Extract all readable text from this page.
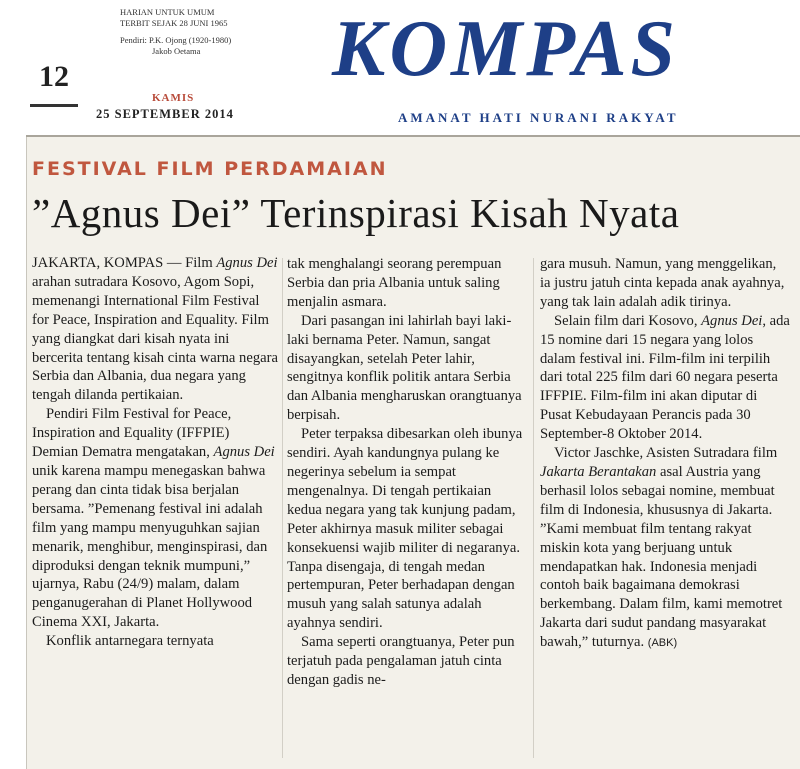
12
HARIAN UNTUK UMUM
TERBIT SEJAK 28 JUNI 1965
Pendiri: P.K. Ojong (1920-1980)
Jakob Oetama
KAMIS
25 SEPTEMBER 2014
KOMPAS
AMANAT HATI NURANI RAKYAT
FESTIVAL FILM PERDAMAIAN
”Agnus Dei” Terinspirasi Kisah Nyata

JAKARTA, KOMPAS — Film Agnus Dei arahan sutradara Kosovo, Agom Sopi, memenangi International Film Festival for Peace, Inspiration and Equality. Film yang diangkat dari kisah nyata ini bercerita tentang kisah cinta warna negara Serbia dan Albania, dua negara yang tengah dilanda pertikaian.

Pendiri Film Festival for Peace, Inspiration and Equality (IFFPIE) Demian Dematra mengatakan, Agnus Dei unik karena mampu menegaskan bahwa perang dan cinta tidak bisa berjalan bersama. ”Pemenang festival ini adalah film yang mampu menyuguhkan sajian menarik, menghibur, menginspirasi, dan diproduksi dengan teknik mumpuni,” ujarnya, Rabu (24/9) malam, dalam penganugerahan di Planet Hollywood Cinema XXI, Jakarta.

Konflik antarnegara ternyata

tak menghalangi seorang perempuan Serbia dan pria Albania untuk saling menjalin asmara.

Dari pasangan ini lahirlah bayi laki-laki bernama Peter. Namun, sangat disayangkan, setelah Peter lahir, sengitnya konflik politik antara Serbia dan Albania mengharuskan orangtuanya berpisah.

Peter terpaksa dibesarkan oleh ibunya sendiri. Ayah kandungnya pulang ke negerinya sebelum ia sempat mengenalnya. Di tengah pertikaian kedua negara yang tak kunjung padam, Peter akhirnya masuk militer sebagai konsekuensi wajib militer di negaranya. Tanpa disengaja, di tengah medan pertempuran, Peter berhadapan dengan musuh yang salah satunya adalah ayahnya sendiri.

Sama seperti orangtuanya, Peter pun terjatuh pada pengalaman jatuh cinta dengan gadis ne-

gara musuh. Namun, yang menggelikan, ia justru jatuh cinta kepada anak ayahnya, yang tak lain adalah adik tirinya.

Selain film dari Kosovo, Agnus Dei, ada 15 nomine dari 15 negara yang lolos dalam festival ini. Film-film ini terpilih dari total 225 film dari 60 negara peserta IFFPIE. Film-film ini akan diputar di Pusat Kebudayaan Perancis pada 30 September-8 Oktober 2014.

Victor Jaschke, Asisten Sutradara film Jakarta Berantakan asal Austria yang berhasil lolos sebagai nomine, membuat film di Indonesia, khususnya di Jakarta. ”Kami membuat film tentang rakyat miskin kota yang berjuang untuk mendapatkan hak. Indonesia menjadi contoh baik bagaimana demokrasi berkembang. Dalam film, kami memotret Jakarta dari sudut pandang masyarakat bawah,” tuturnya. (ABK)
